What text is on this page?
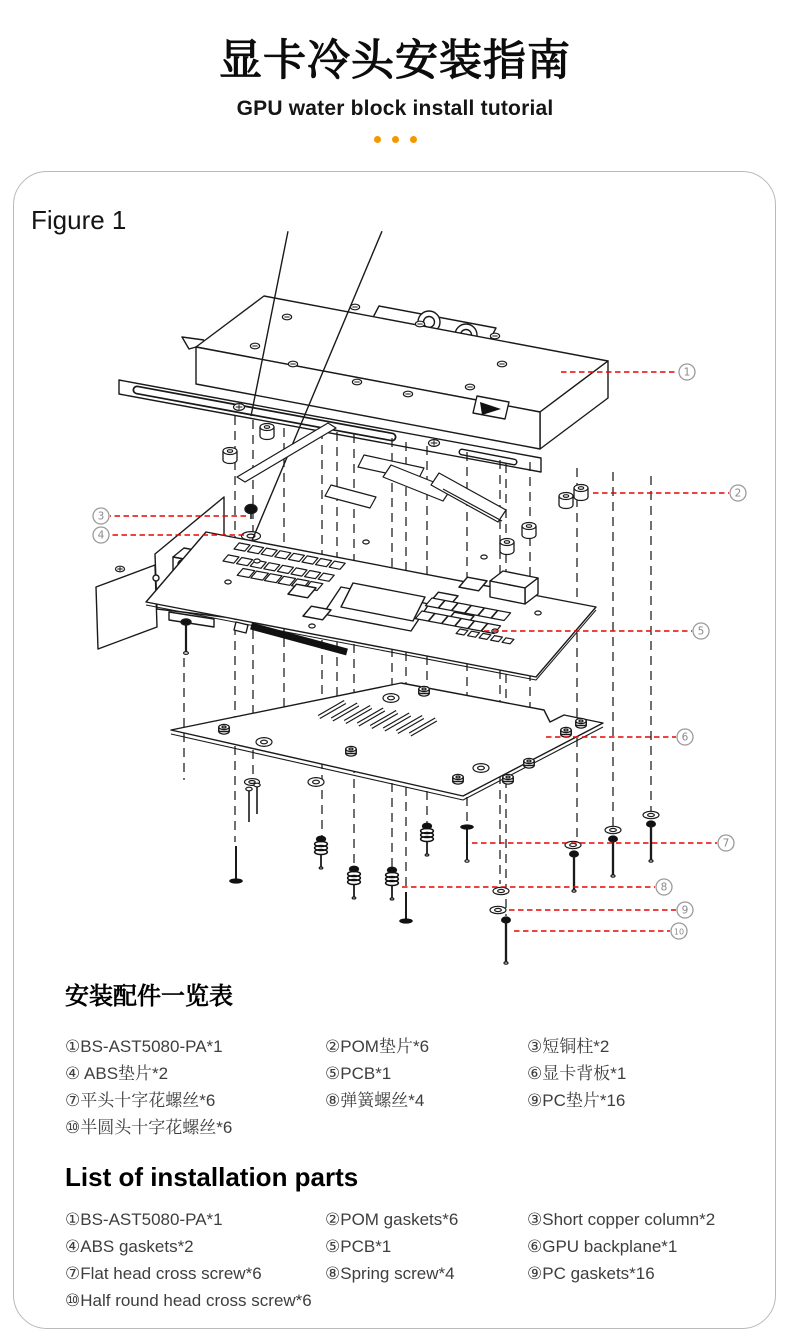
显卡冷头安装指南
GPU water block install tutorial
Figure 1
1
2
3
4
5
6
7
8
9
10
安装配件一览表
①BS-AST5080-PA*1	②POM垫片*6	③短铜柱*2
④ ABS垫片*2	⑤PCB*1	⑥显卡背板*1
⑦平头十字花螺丝*6	⑧弹簧螺丝*4	⑨PC垫片*16
⑩半圆头十字花螺丝*6
List of installation parts
①BS-AST5080-PA*1	②POM gaskets*6	③Short copper column*2
④ABS gaskets*2	⑤PCB*1	⑥GPU backplane*1
⑦Flat head cross screw*6	⑧Spring screw*4	⑨PC gaskets*16
⑩Half round head cross screw*6
